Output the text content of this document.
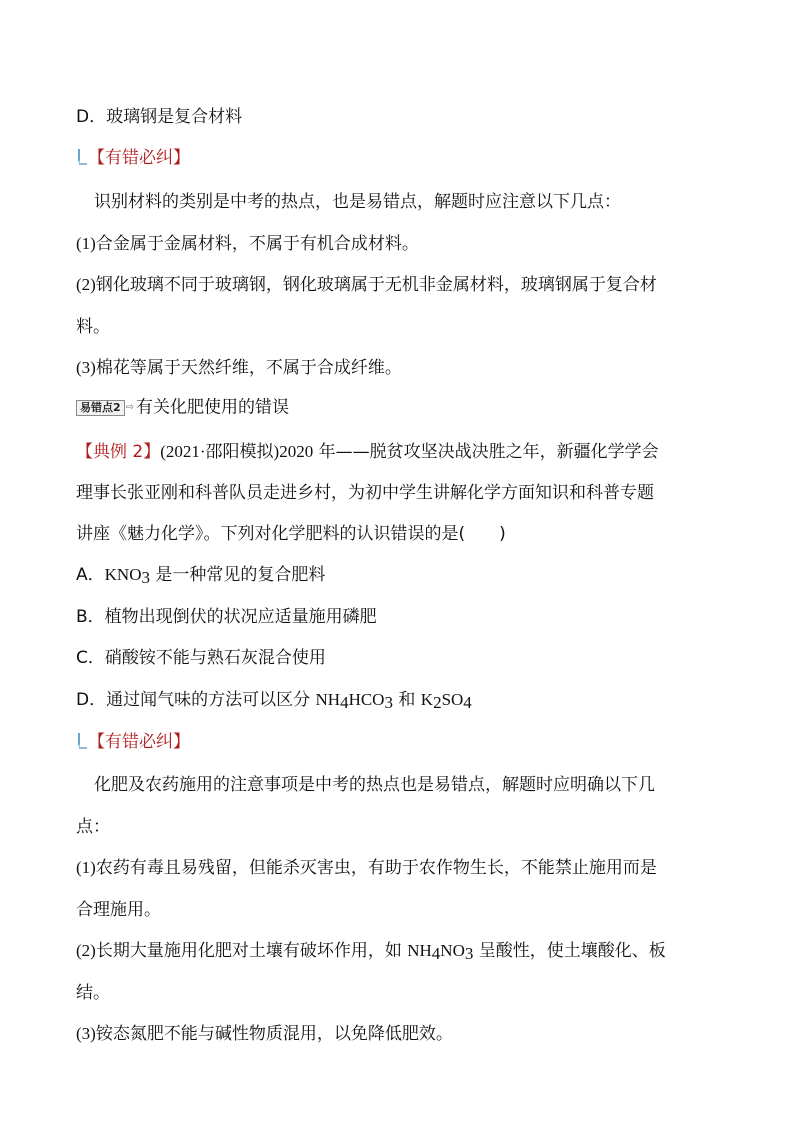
D．玻璃钢是复合材料
【有错必纠】
识别材料的类别是中考的热点，也是易错点，解题时应注意以下几点：
(1)合金属于金属材料，不属于有机合成材料。
(2)钢化玻璃不同于玻璃钢，钢化玻璃属于无机非金属材料，玻璃钢属于复合材
料。
(3)棉花等属于天然纤维，不属于合成纤维。
易错点2 ⇨ 有关化肥使用的错误
【典例 2】(2021·邵阳模拟)2020 年——脱贫攻坚决战决胜之年，新疆化学学会
理事长张亚刚和科普队员走进乡村，为初中学生讲解化学方面知识和科普专题
讲座《魅力化学》。下列对化学肥料的认识错误的是(　　)
A．$KNO_3$ 是一种常见的复合肥料
B．植物出现倒伏的状况应适量施用磷肥
C．硝酸铵不能与熟石灰混合使用
D．通过闻气味的方法可以区分 $NH_4HCO_3$ 和 $K_2SO_4$
【有错必纠】
化肥及农药施用的注意事项是中考的热点也是易错点，解题时应明确以下几
点：
(1)农药有毒且易残留，但能杀灭害虫，有助于农作物生长，不能禁止施用而是
合理施用。
(2)长期大量施用化肥对土壤有破坏作用，如 $NH_4NO_3$ 呈酸性，使土壤酸化、板
结。
(3)铵态氮肥不能与碱性物质混用，以免降低肥效。
